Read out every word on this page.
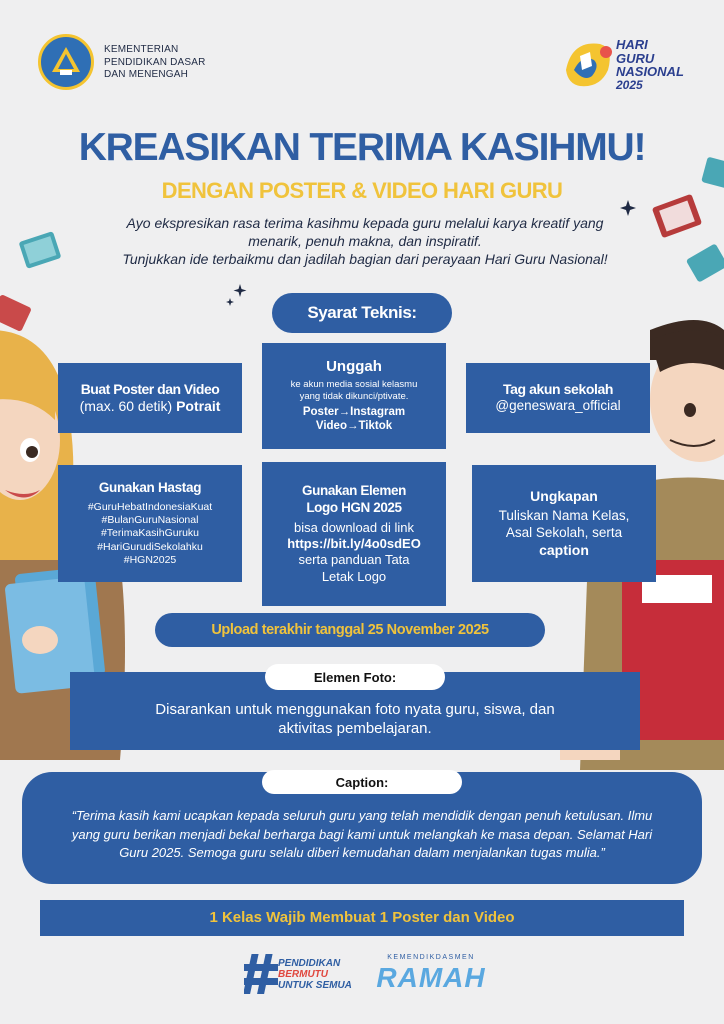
KEMENTERIAN
PENDIDIKAN DASAR
DAN MENENGAH
HARI
GURU
NASIONAL
2025
KREASIKAN TERIMA KASIHMU!
DENGAN POSTER & VIDEO HARI GURU
Ayo ekspresikan rasa terima kasihmu kepada guru melalui karya kreatif yang
menarik, penuh makna, dan inspiratif.
Tunjukkan ide terbaikmu dan jadilah bagian dari perayaan Hari Guru Nasional!
Syarat Teknis:
Buat Poster dan Video
(max. 60 detik) Potrait
Unggah
ke akun media sosial kelasmu
yang tidak dikunci/ptivate.
Poster→Instagram
Video→Tiktok
Tag akun sekolah
@geneswara_official
Gunakan Hastag
#GuruHebatIndonesiaKuat
#BulanGuruNasional
#TerimaKasihGuruku
#HariGurudiSekolahku
#HGN2025
Gunakan Elemen
Logo HGN 2025
bisa download di link
https://bit.ly/4o0sdEO
serta panduan Tata
Letak Logo
Ungkapan
Tuliskan Nama Kelas,
Asal Sekolah, serta
caption
Upload terakhir tanggal 25 November 2025
Disarankan untuk menggunakan foto nyata guru, siswa, dan
aktivitas pembelajaran.
Elemen Foto:
“Terima kasih kami ucapkan kepada seluruh guru yang telah mendidik dengan penuh ketulusan. Ilmu
yang guru berikan menjadi bekal berharga bagi kami untuk melangkah ke masa depan. Selamat Hari
Guru 2025. Semoga guru selalu diberi kemudahan dalam menjalankan tugas mulia.”
Caption:
1 Kelas Wajib Membuat 1 Poster dan Video
PENDIDIKAN
BERMUTU
UNTUK SEMUA
KEMENDIKDASMEN
RAMAH
